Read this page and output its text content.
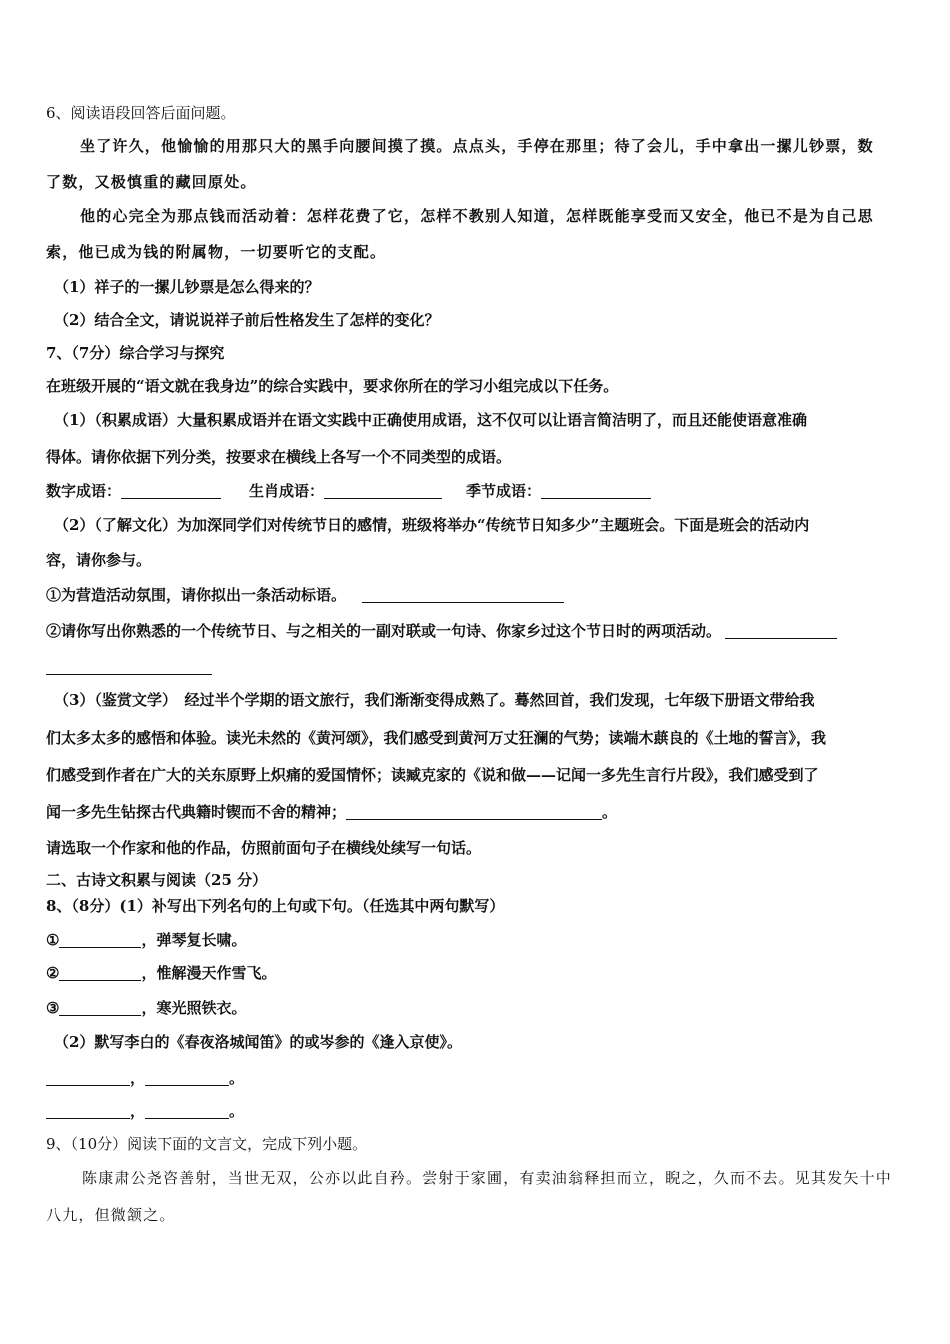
6、阅读语段回答后面问题。
坐了许久，他愉愉的用那只大的黑手向腰间摸了摸。点点头，手停在那里；待了会儿，手中拿出一摞儿钞票，数
了数，又极慎重的藏回原处。
他的心完全为那点钱而活动着：怎样花费了它，怎样不教别人知道，怎样既能享受而又安全，他已不是为自己思
索，他已成为钱的附属物，一切要听它的支配。
（1）祥子的一摞儿钞票是怎么得来的？
（2）结合全文，请说说祥子前后性格发生了怎样的变化？
7、（7分）综合学习与探究
在班级开展的“语文就在我身边”的综合实践中，要求你所在的学习小组完成以下任务。
（1）（积累成语）大量积累成语并在语文实践中正确使用成语，这不仅可以让语言简洁明了，而且还能使语意准确
得体。请你依据下列分类，按要求在横线上各写一个不同类型的成语。
数字成语：	生肖成语：	季节成语：
（2）（了解文化）为加深同学们对传统节日的感情，班级将举办“传统节日知多少”主题班会。下面是班会的活动内
容，请你参与。
①为营造活动氛围，请你拟出一条活动标语。
②请你写出你熟悉的一个传统节日、与之相关的一副对联或一句诗、你家乡过这个节日时的两项活动。
（3）（鉴赏文学）　经过半个学期的语文旅行，我们渐渐变得成熟了。蓦然回首，我们发现，七年级下册语文带给我
们太多太多的感悟和体验。读光未然的《黄河颂》，我们感受到黄河万丈狂澜的气势；读端木蕻良的《土地的誓言》，我
们感受到作者在广大的关东原野上炽痛的爱国情怀；读臧克家的《说和做——记闻一多先生言行片段》，我们感受到了
闻一多先生钻探古代典籍时锲而不舍的精神；	。
请选取一个作家和他的作品，仿照前面句子在横线处续写一句话。
二、古诗文积累与阅读（25 分）
8、（8分）(1）补写出下列名句的上句或下句。（任选其中两句默写）
①	，弹琴复长啸。
②	，惟解漫天作雪飞。
③	，寒光照铁衣。
（2）默写李白的《春夜洛城闻笛》的或岑参的《逢入京使》。
，	。
，	。
9、（10分）阅读下面的文言文，完成下列小题。
陈康肃公尧咨善射，当世无双，公亦以此自矜。尝射于家圃，有卖油翁释担而立，睨之，久而不去。见其发矢十中
八九，但微颔之。
